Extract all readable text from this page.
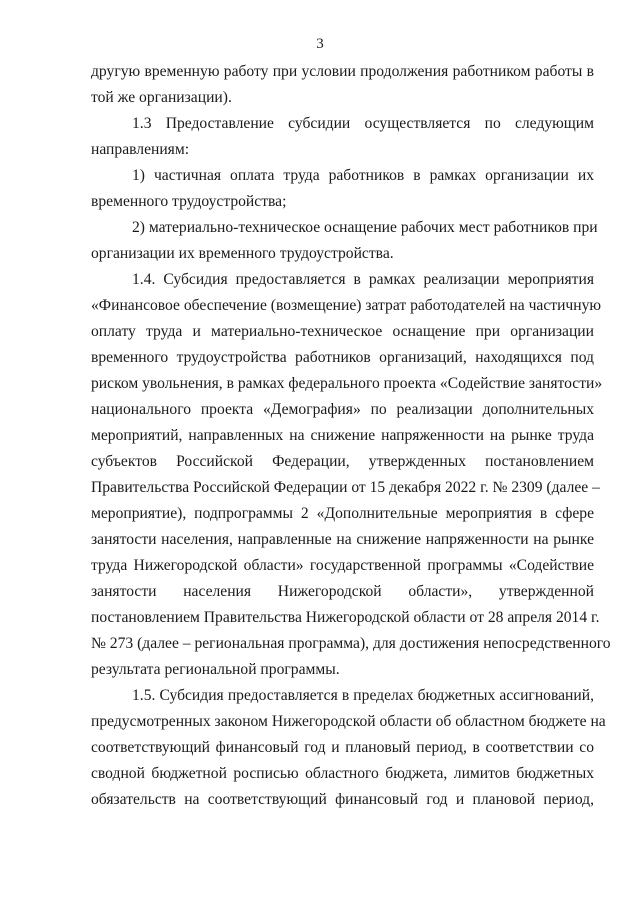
3
другую временную работу при условии продолжения работником работы в
той же организации).
1.3 Предоставление субсидии осуществляется по следующим
направлениям:
1) частичная оплата труда работников в рамках организации их
временного трудоустройства;
2) материально-техническое оснащение рабочих мест работников при
организации их временного трудоустройства.
1.4. Субсидия предоставляется в рамках реализации мероприятия
«Финансовое обеспечение (возмещение) затрат работодателей на частичную
оплату труда и материально-техническое оснащение при организации
временного трудоустройства работников организаций, находящихся под
риском увольнения, в рамках федерального проекта «Содействие занятости»
национального проекта «Демография» по реализации дополнительных
мероприятий, направленных на снижение напряженности на рынке труда
субъектов Российской Федерации, утвержденных постановлением
Правительства Российской Федерации от 15 декабря 2022 г. № 2309 (далее –
мероприятие), подпрограммы 2 «Дополнительные мероприятия в сфере
занятости населения, направленные на снижение напряженности на рынке
труда Нижегородской области» государственной программы «Содействие
занятости населения Нижегородской области», утвержденной
постановлением Правительства Нижегородской области от 28 апреля 2014 г.
№ 273 (далее – региональная программа), для достижения непосредственного
результата региональной программы.
1.5. Субсидия предоставляется в пределах бюджетных ассигнований,
предусмотренных законом Нижегородской области об областном бюджете на
соответствующий финансовый год и плановый период, в соответствии со
сводной бюджетной росписью областного бюджета, лимитов бюджетных
обязательств на соответствующий финансовый год и плановой период,
